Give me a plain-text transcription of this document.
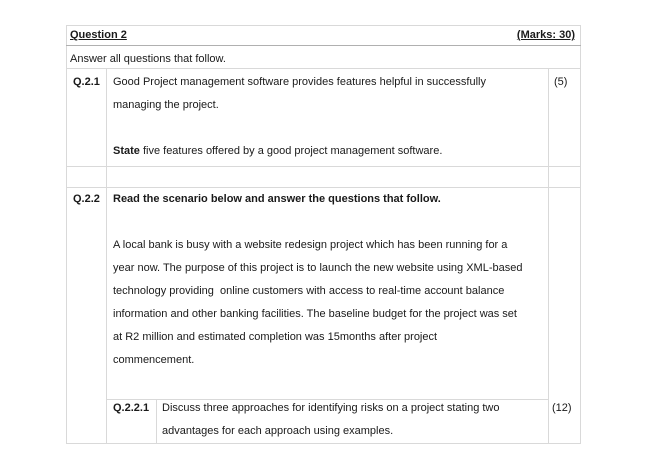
Question 2	(Marks: 30)
Answer all questions that follow.
Q.2.1 Good Project management software provides features helpful in successfully
managing the project.
State five features offered by a good project management software.
(5)
Q.2.2 Read the scenario below and answer the questions that follow.
A local bank is busy with a website redesign project which has been running for a
year now. The purpose of this project is to launch the new website using XML-based
technology providing  online customers with access to real-time account balance
information and other banking facilities. The baseline budget for the project was set
at R2 million and estimated completion was 15months after project
commencement.
Q.2.2.1 Discuss three approaches for identifying risks on a project stating two
advantages for each approach using examples.
(12)
